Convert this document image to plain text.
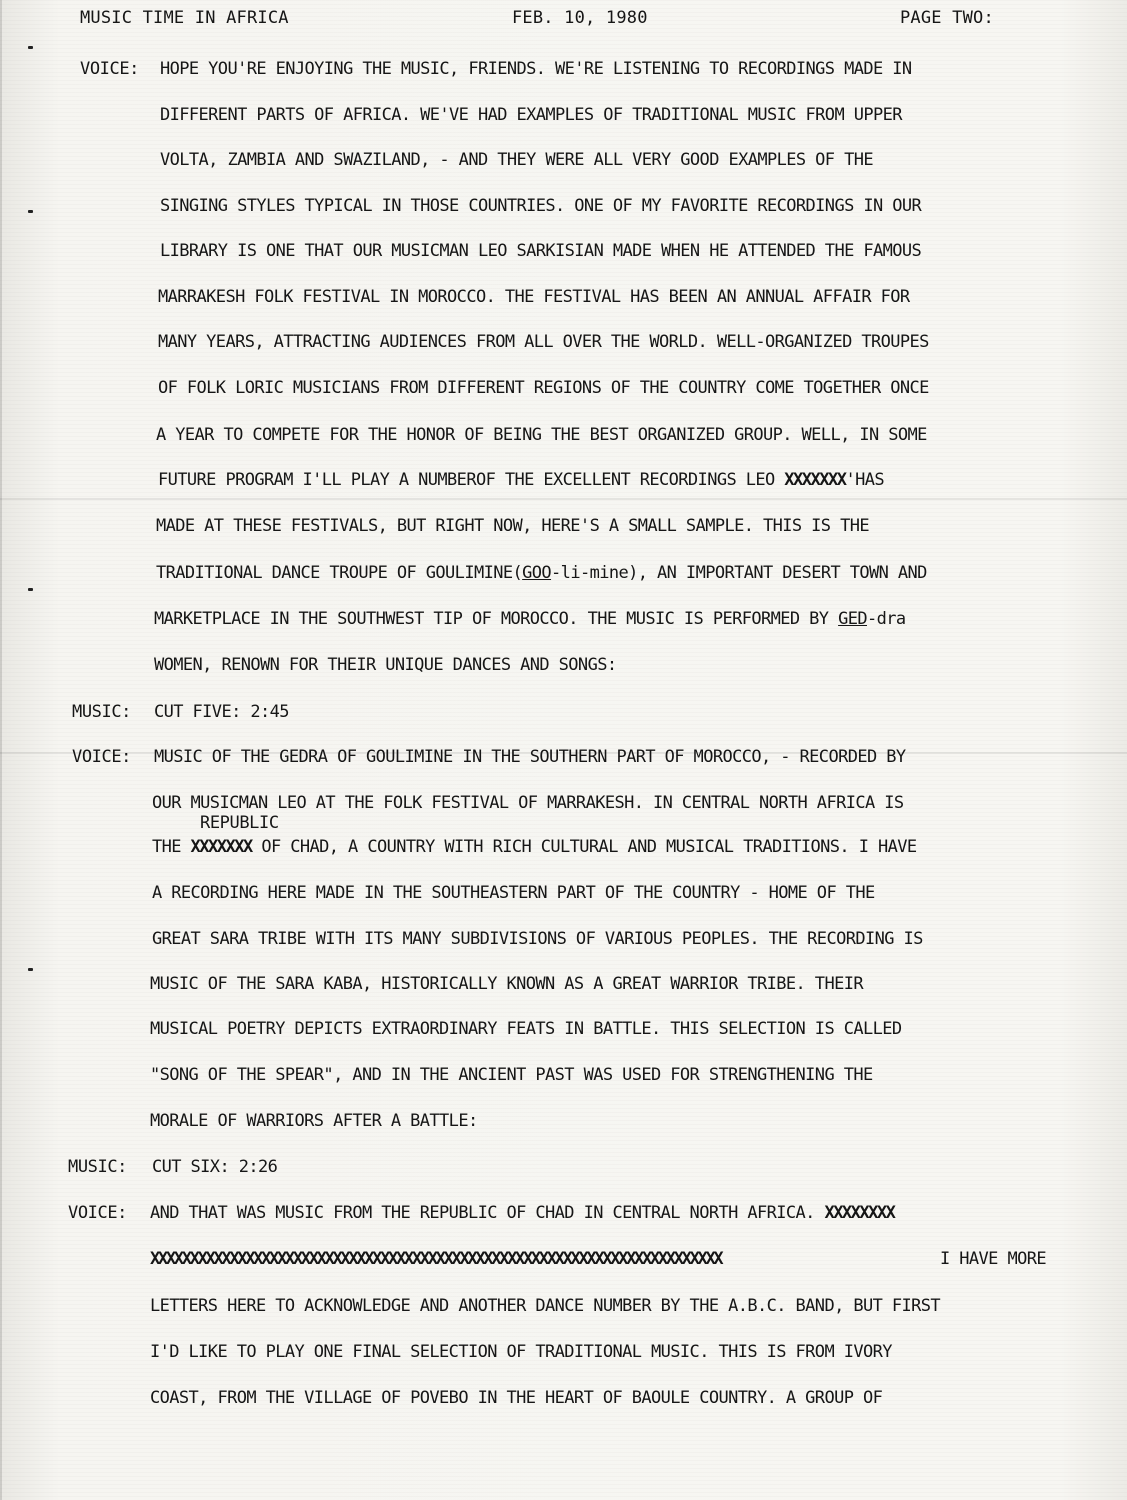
MUSIC TIME IN AFRICA	FEB. 10, 1980	PAGE TWO:
VOICE: HOPE YOU'RE ENJOYING THE MUSIC, FRIENDS. WE'RE LISTENING TO RECORDINGS MADE IN
DIFFERENT PARTS OF AFRICA. WE'VE HAD EXAMPLES OF TRADITIONAL MUSIC FROM UPPER
VOLTA, ZAMBIA AND SWAZILAND, - AND THEY WERE ALL VERY GOOD EXAMPLES OF THE
SINGING STYLES TYPICAL IN THOSE COUNTRIES. ONE OF MY FAVORITE RECORDINGS IN OUR
LIBRARY IS ONE THAT OUR MUSICMAN LEO SARKISIAN MADE WHEN HE ATTENDED THE FAMOUS
MARRAKESH FOLK FESTIVAL IN MOROCCO. THE FESTIVAL HAS BEEN AN ANNUAL AFFAIR FOR
MANY YEARS, ATTRACTING AUDIENCES FROM ALL OVER THE WORLD. WELL-ORGANIZED TROUPES
OF FOLK LORIC MUSICIANS FROM DIFFERENT REGIONS OF THE COUNTRY COME TOGETHER ONCE
A YEAR TO COMPETE FOR THE HONOR OF BEING THE BEST ORGANIZED GROUP. WELL, IN SOME
FUTURE PROGRAM I'LL PLAY A NUMBEROF THE EXCELLENT RECORDINGS LEO XXXXXXX'HAS
MADE AT THESE FESTIVALS, BUT RIGHT NOW, HERE'S A SMALL SAMPLE. THIS IS THE
TRADITIONAL DANCE TROUPE OF GOULIMINE(GOO-li-mine), AN IMPORTANT DESERT TOWN AND
MARKETPLACE IN THE SOUTHWEST TIP OF MOROCCO. THE MUSIC IS PERFORMED BY GED-dra
WOMEN, RENOWN FOR THEIR UNIQUE DANCES AND SONGS:
MUSIC: CUT FIVE: 2:45
VOICE: MUSIC OF THE GEDRA OF GOULIMINE IN THE SOUTHERN PART OF MOROCCO, - RECORDED BY
OUR MUSICMAN LEO AT THE FOLK FESTIVAL OF MARRAKESH. IN CENTRAL NORTH AFRICA IS
REPUBLIC
THE XXXXXXX OF CHAD, A COUNTRY WITH RICH CULTURAL AND MUSICAL TRADITIONS. I HAVE
A RECORDING HERE MADE IN THE SOUTHEASTERN PART OF THE COUNTRY - HOME OF THE
GREAT SARA TRIBE WITH ITS MANY SUBDIVISIONS OF VARIOUS PEOPLES. THE RECORDING IS
MUSIC OF THE SARA KABA, HISTORICALLY KNOWN AS A GREAT WARRIOR TRIBE. THEIR
MUSICAL POETRY DEPICTS EXTRAORDINARY FEATS IN BATTLE. THIS SELECTION IS CALLED
"SONG OF THE SPEAR", AND IN THE ANCIENT PAST WAS USED FOR STRENGTHENING THE
MORALE OF WARRIORS AFTER A BATTLE:
MUSIC: CUT SIX: 2:26
VOICE: AND THAT WAS MUSIC FROM THE REPUBLIC OF CHAD IN CENTRAL NORTH AFRICA. XXXXXXXX
XXXXXXXXXXXXXXXXXXXXXXXXXXXXXXXXXXXXXXXXXXXXXXXXXXXXXXXXXXXXXXXXXXXXXXXX	I HAVE MORE
LETTERS HERE TO ACKNOWLEDGE AND ANOTHER DANCE NUMBER BY THE A.B.C. BAND, BUT FIRST
I'D LIKE TO PLAY ONE FINAL SELECTION OF TRADITIONAL MUSIC. THIS IS FROM IVORY
COAST, FROM THE VILLAGE OF POVEBO IN THE HEART OF BAOULE COUNTRY. A GROUP OF
